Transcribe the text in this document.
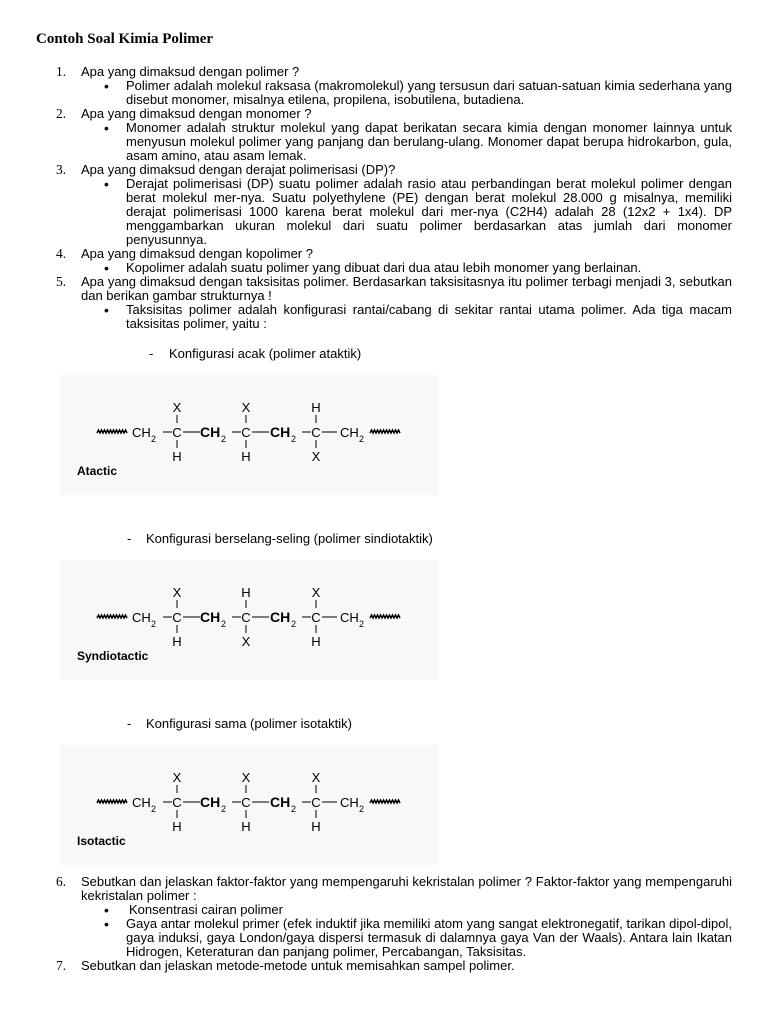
Contoh Soal Kimia Polimer
1. Apa yang dimaksud dengan polimer ?
• Polimer adalah molekul raksasa (makromolekul) yang tersusun dari satuan-satuan kimia sederhana yang disebut monomer, misalnya etilena, propilena, isobutilena, butadiena.
2. Apa yang dimaksud dengan monomer ?
• Monomer adalah struktur molekul yang dapat berikatan secara kimia dengan monomer lainnya untuk menyusun molekul polimer yang panjang dan berulang-ulang. Monomer dapat berupa hidrokarbon, gula, asam amino, atau asam lemak.
3. Apa yang dimaksud dengan derajat polimerisasi (DP)?
• Derajat polimerisasi (DP) suatu polimer adalah rasio atau perbandingan berat molekul polimer dengan berat molekul mer-nya. Suatu polyethylene (PE) dengan berat molekul 28.000 g misalnya, memiliki derajat polimerisasi 1000 karena berat molekul dari mer-nya (C2H4) adalah 28 (12x2 + 1x4). DP menggambarkan ukuran molekul dari suatu polimer berdasarkan atas jumlah dari monomer penyusunnya.
4. Apa yang dimaksud dengan kopolimer ?
• Kopolimer adalah suatu polimer yang dibuat dari dua atau lebih monomer yang berlainan.
5. Apa yang dimaksud dengan taksisitas polimer. Berdasarkan taksisitasnya itu polimer terbagi menjadi 3, sebutkan dan berikan gambar strukturnya !
• Taksisitas polimer adalah konfigurasi rantai/cabang di sekitar rantai utama polimer. Ada tiga macam taksisitas polimer, yaitu :
- Konfigurasi acak (polimer ataktik)
CH 2 C
X
H
C
X
H
C
H
X
CH 2	CH 2	CH 2
Atactic
- Konfigurasi berselang-seling (polimer sindiotaktik)
CH 2 C
X
H
C
H
X
C
X
H
CH 2	CH 2	CH 2
Syndiotactic
- Konfigurasi sama (polimer isotaktik)
CH 2 C
X
H
C
X
H
C
X
H
CH 2	CH 2	CH 2
Isotactic
6. Sebutkan dan jelaskan faktor-faktor yang mempengaruhi kekristalan polimer ? Faktor-faktor yang mempengaruhi kekristalan polimer :
• Konsentrasi cairan polimer
• Gaya antar molekul primer (efek induktif jika memiliki atom yang sangat elektronegatif, tarikan dipol-dipol, gaya induksi, gaya London/gaya dispersi termasuk di dalamnya gaya Van der Waals). Antara lain Ikatan Hidrogen, Keteraturan dan panjang polimer, Percabangan, Taksisitas.
7. Sebutkan dan jelaskan metode-metode untuk memisahkan sampel polimer.
